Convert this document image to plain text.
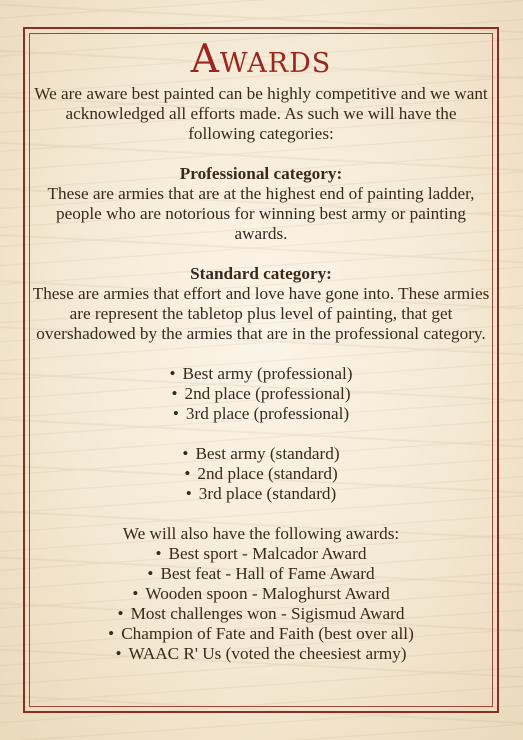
Awards

We are aware best painted can be highly competitive and we want acknowledged all efforts made. As such we will have the following categories:

Professional category:

These are armies that are at the highest end of painting ladder, people who are notorious for winning best army or painting awards.

Standard category:

These are armies that effort and love have gone into. These armies are represent the tabletop plus level of painting, that get overshadowed by the armies that are in the professional category.

• Best army (professional)
• 2nd place (professional)
• 3rd place (professional)
• Best army (standard)
• 2nd place (standard)
• 3rd place (standard)

We will also have the following awards:

• Best sport - Malcador Award
• Best feat - Hall of Fame Award
• Wooden spoon - Maloghurst Award
• Most challenges won - Sigismud Award
• Champion of Fate and Faith (best over all)
• WAAC R' Us (voted the cheesiest army)
